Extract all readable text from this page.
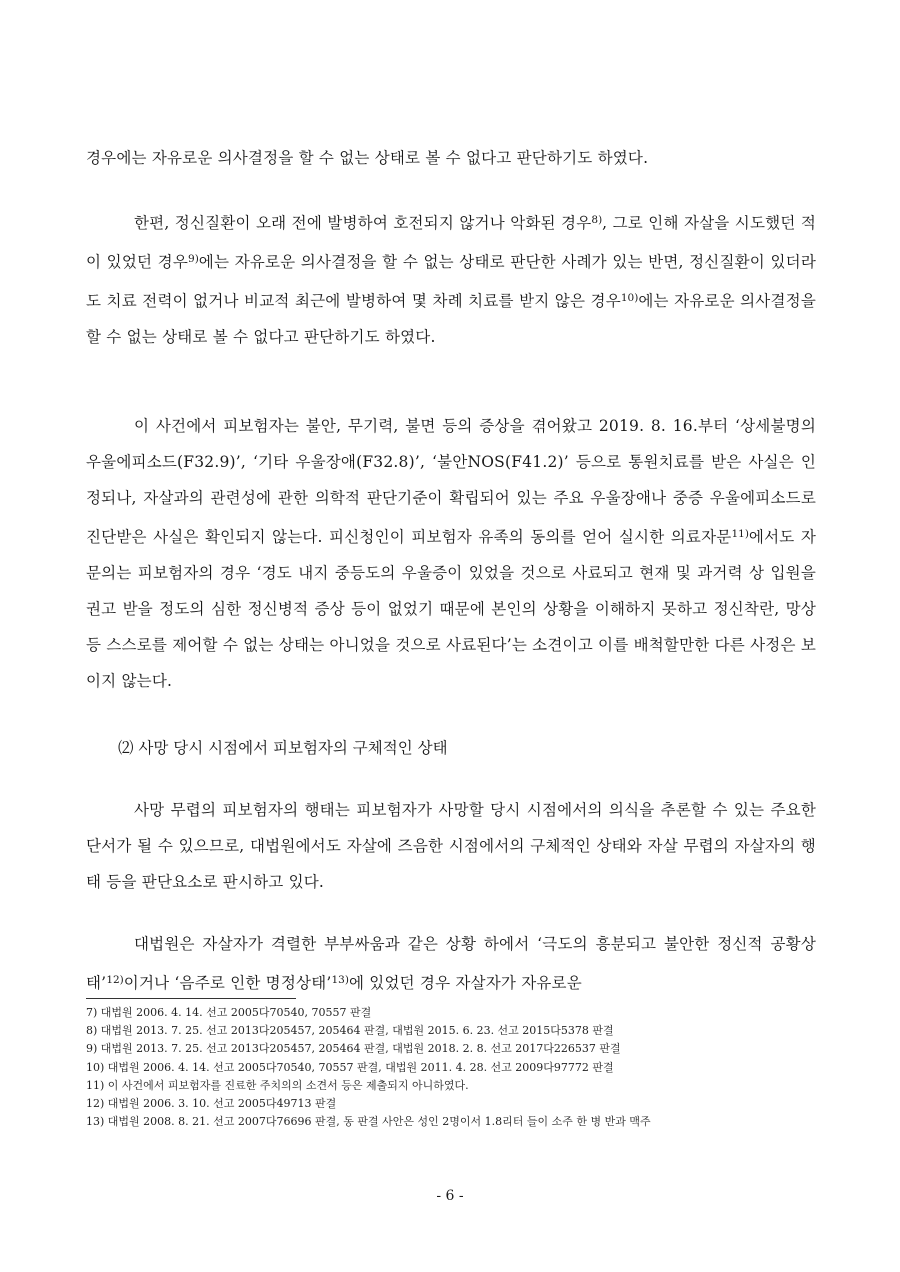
경우에는 자유로운 의사결정을 할 수 없는 상태로 볼 수 없다고 판단하기도 하였다.

한편, 정신질환이 오래 전에 발병하여 호전되지 않거나 악화된 경우$^{8)}$, 그로 인해 자살을 시도했던 적이 있었던 경우$^{9)}$에는 자유로운 의사결정을 할 수 없는 상태로 판단한 사례가 있는 반면, 정신질환이 있더라도 치료 전력이 없거나 비교적 최근에 발병하여 몇 차례 치료를 받지 않은 경우$^{10)}$에는 자유로운 의사결정을 할 수 없는 상태로 볼 수 없다고 판단하기도 하였다.

이 사건에서 피보험자는 불안, 무기력, 불면 등의 증상을 겪어왔고 2019. 8. 16.부터 ‘상세불명의 우울에피소드(F32.9)’, ‘기타 우울장애(F32.8)’, ‘불안NOS(F41.2)’ 등으로 통원치료를 받은 사실은 인정되나, 자살과의 관련성에 관한 의학적 판단기준이 확립되어 있는 주요 우울장애나 중증 우울에피소드로 진단받은 사실은 확인되지 않는다. 피신청인이 피보험자 유족의 동의를 얻어 실시한 의료자문$^{11)}$에서도 자문의는 피보험자의 경우 ‘경도 내지 중등도의 우울증이 있었을 것으로 사료되고 현재 및 과거력 상 입원을 권고 받을 정도의 심한 정신병적 증상 등이 없었기 때문에 본인의 상황을 이해하지 못하고 정신착란, 망상 등 스스로를 제어할 수 없는 상태는 아니었을 것으로 사료된다’는 소견이고 이를 배척할만한 다른 사정은 보이지 않는다.

⑵ 사망 당시 시점에서 피보험자의 구체적인 상태

사망 무렵의 피보험자의 행태는 피보험자가 사망할 당시 시점에서의 의식을 추론할 수 있는 주요한 단서가 될 수 있으므로, 대법원에서도 자살에 즈음한 시점에서의 구체적인 상태와 자살 무렵의 자살자의 행태 등을 판단요소로 판시하고 있다.

대법원은 자살자가 격렬한 부부싸움과 같은 상황 하에서 ‘극도의 흥분되고 불안한 정신적 공황상태’$^{12)}$이거나 ‘음주로 인한 명정상태’$^{13)}$에 있었던 경우 자살자가 자유로운

7) 대법원 2006. 4. 14. 선고 2005다70540, 70557 판결
8) 대법원 2013. 7. 25. 선고 2013다205457, 205464 판결, 대법원 2015. 6. 23. 선고 2015다5378 판결
9) 대법원 2013. 7. 25. 선고 2013다205457, 205464 판결, 대법원 2018. 2. 8. 선고 2017다226537 판결
10) 대법원 2006. 4. 14. 선고 2005다70540, 70557 판결, 대법원 2011. 4. 28. 선고 2009다97772 판결
11) 이 사건에서 피보험자를 진료한 주치의의 소견서 등은 제출되지 아니하였다.
12) 대법원 2006. 3. 10. 선고 2005다49713 판결
13) 대법원 2008. 8. 21. 선고 2007다76696 판결, 동 판결 사안은 성인 2명이서 1.8리터 들이 소주 한 병 반과 맥주
- 6 -
